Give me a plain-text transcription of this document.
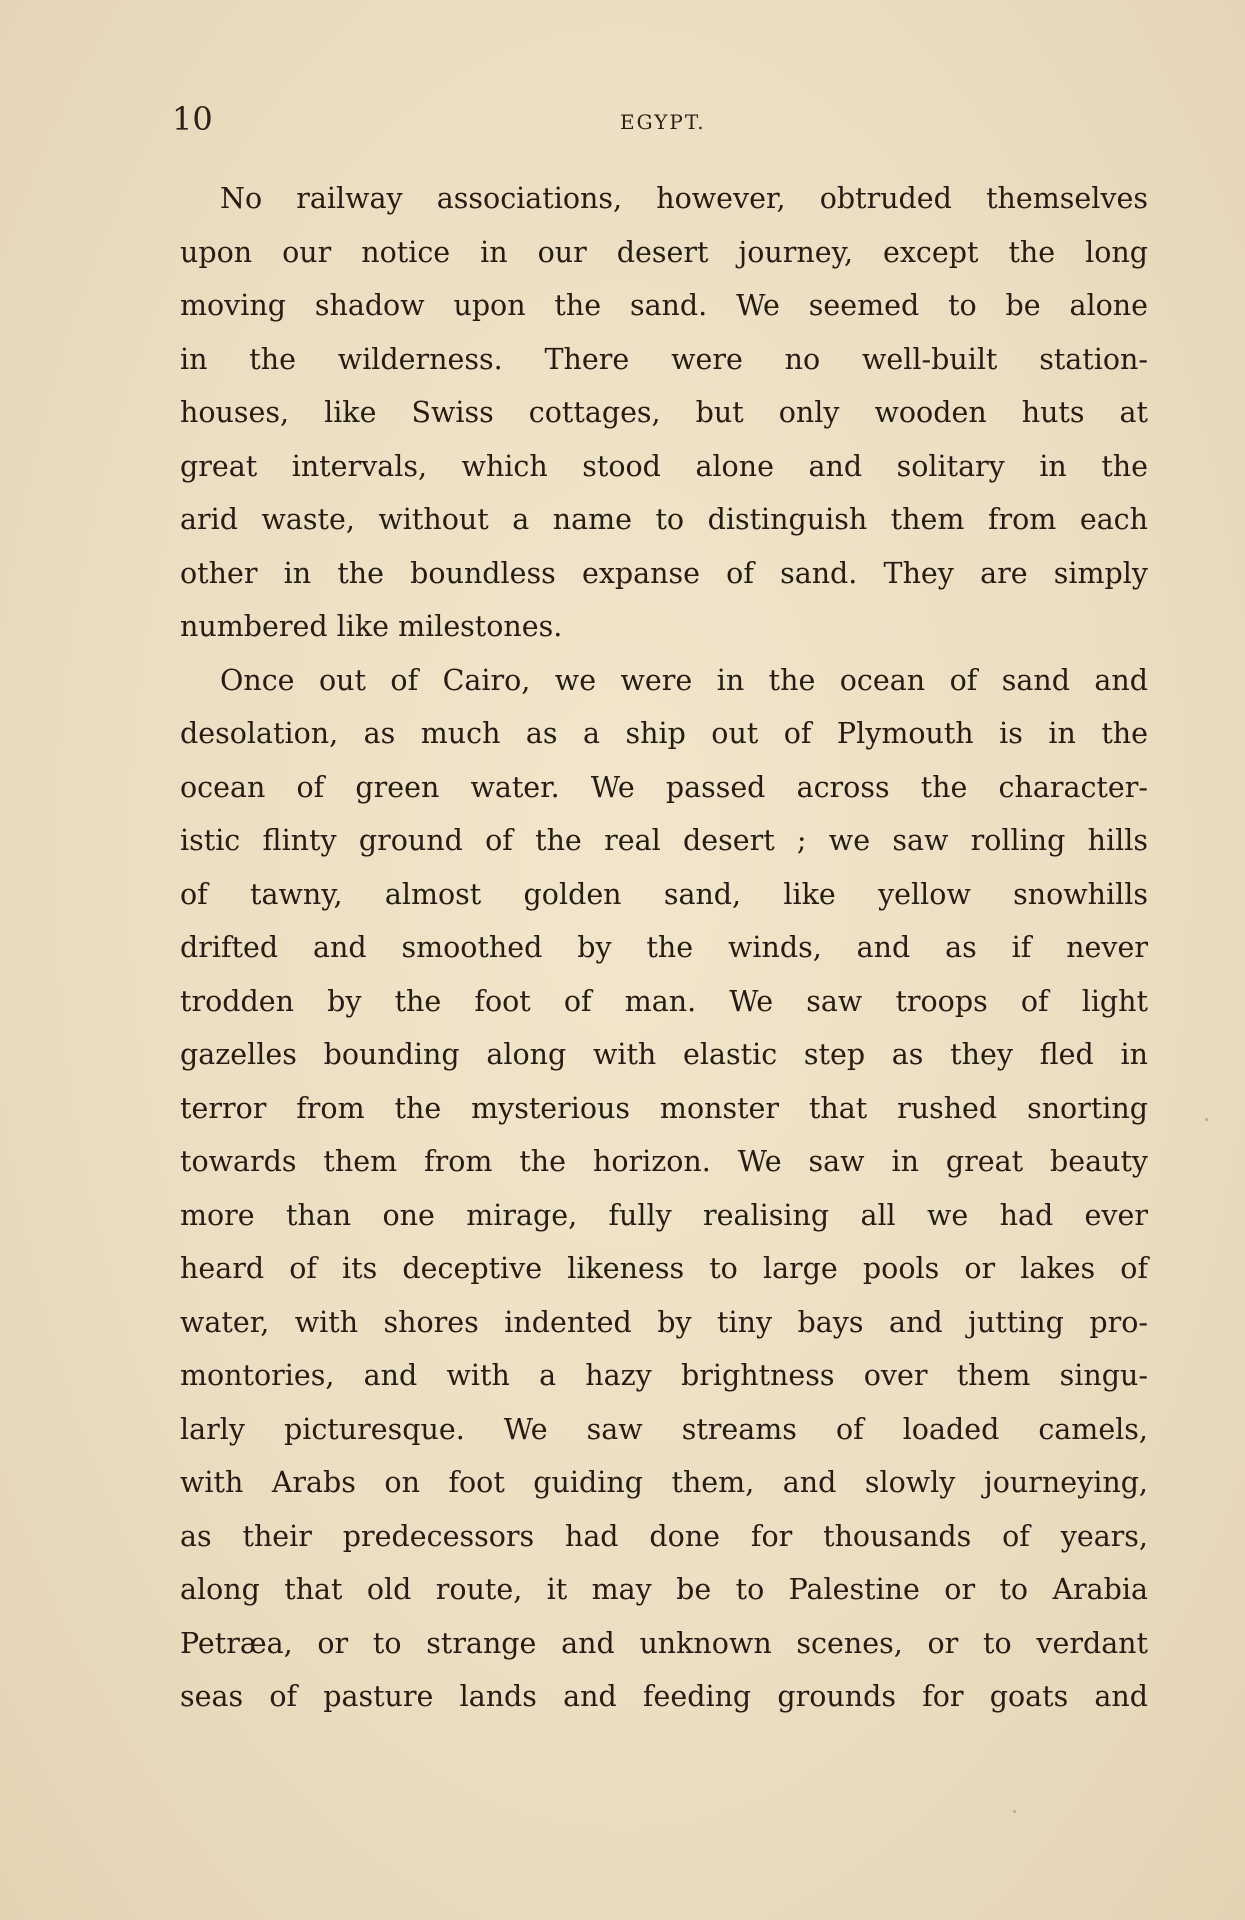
10	EGYPT.
No railway associations, however, obtruded themselves
upon our notice in our desert journey, except the long
moving shadow upon the sand. We seemed to be alone
in the wilderness. There were no well-built station-
houses, like Swiss cottages, but only wooden huts at
great intervals, which stood alone and solitary in the
arid waste, without a name to distinguish them from each
other in the boundless expanse of sand. They are simply
numbered like milestones.
Once out of Cairo, we were in the ocean of sand and
desolation, as much as a ship out of Plymouth is in the
ocean of green water. We passed across the character-
istic flinty ground of the real desert ; we saw rolling hills
of tawny, almost golden sand, like yellow snowhills
drifted and smoothed by the winds, and as if never
trodden by the foot of man. We saw troops of light
gazelles bounding along with elastic step as they fled in
terror from the mysterious monster that rushed snorting
towards them from the horizon. We saw in great beauty
more than one mirage, fully realising all we had ever
heard of its deceptive likeness to large pools or lakes of
water, with shores indented by tiny bays and jutting pro-
montories, and with a hazy brightness over them singu-
larly picturesque. We saw streams of loaded camels,
with Arabs on foot guiding them, and slowly journeying,
as their predecessors had done for thousands of years,
along that old route, it may be to Palestine or to Arabia
Petræa, or to strange and unknown scenes, or to verdant
seas of pasture lands and feeding grounds for goats and
